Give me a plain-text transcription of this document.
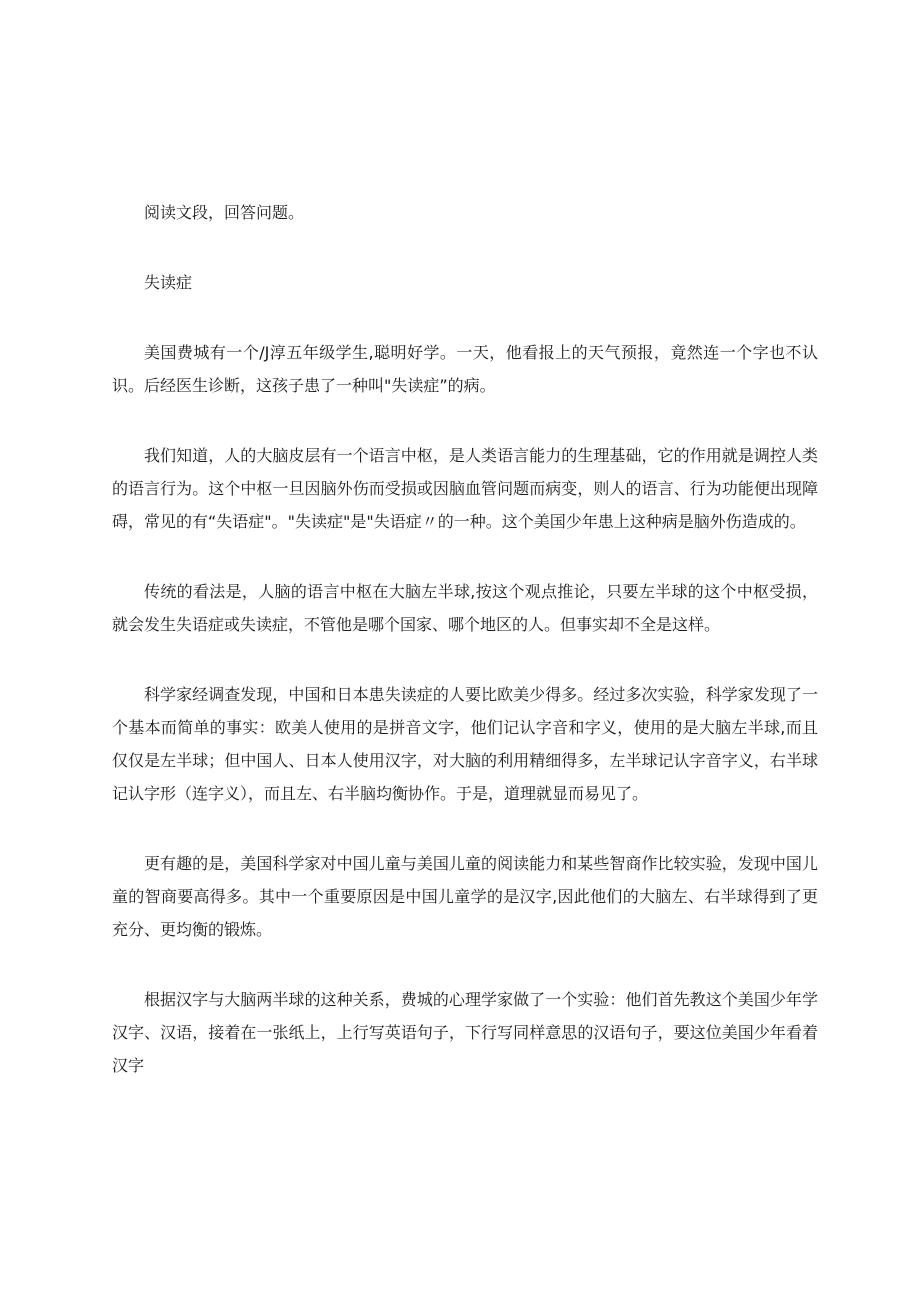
阅读文段，回答问题。

失读症

美国费城有一个/J淳五年级学生,聪明好学。一天，他看报上的天气预报，竟然连一个字也不认识。后经医生诊断，这孩子患了一种叫"失读症”的病。

我们知道，人的大脑皮层有一个语言中枢，是人类语言能力的生理基础，它的作用就是调控人类的语言行为。这个中枢一旦因脑外伤而受损或因脑血管问题而病变，则人的语言、行为功能便出现障碍，常见的有“失语症"。"失读症"是"失语症〃的一种。这个美国少年患上这种病是脑外伤造成的。

传统的看法是，人脑的语言中枢在大脑左半球,按这个观点推论，只要左半球的这个中枢受损，就会发生失语症或失读症，不管他是哪个国家、哪个地区的人。但事实却不全是这样。

科学家经调查发现，中国和日本患失读症的人要比欧美少得多。经过多次实验，科学家发现了一个基本而简单的事实：欧美人使用的是拼音文字，他们记认字音和字义，使用的是大脑左半球,而且仅仅是左半球；但中国人、日本人使用汉字，对大脑的利用精细得多，左半球记认字音字义，右半球记认字形（连字义），而且左、右半脑均衡协作。于是，道理就显而易见了。

更有趣的是，美国科学家对中国儿童与美国儿童的阅读能力和某些智商作比较实验，发现中国儿童的智商要高得多。其中一个重要原因是中国儿童学的是汉字,因此他们的大脑左、右半球得到了更充分、更均衡的锻炼。

根据汉字与大脑两半球的这种关系，费城的心理学家做了一个实验：他们首先教这个美国少年学汉字、汉语，接着在一张纸上，上行写英语句子，下行写同样意思的汉语句子，要这位美国少年看着汉字
